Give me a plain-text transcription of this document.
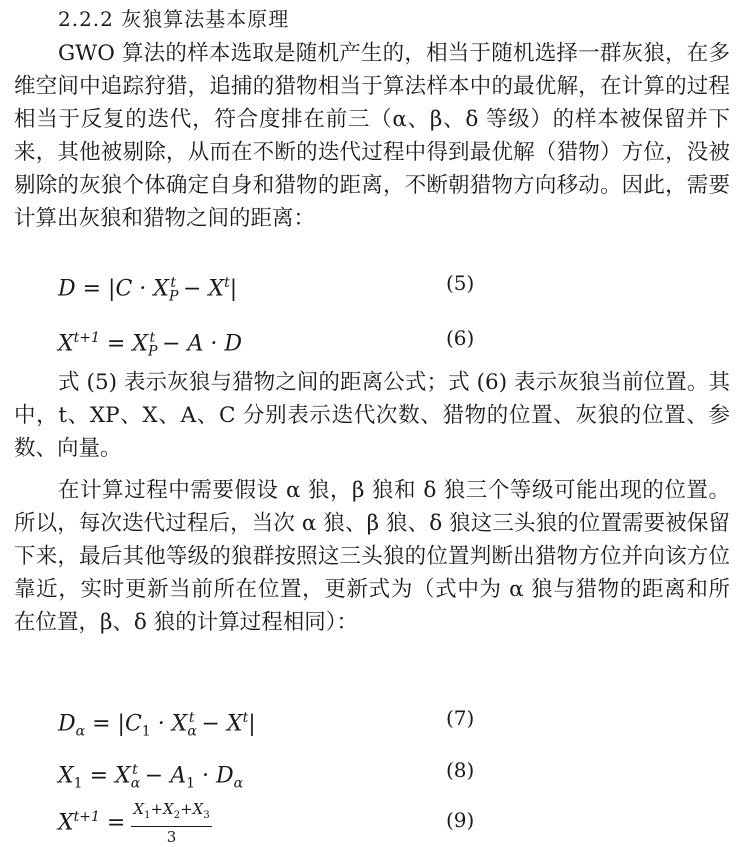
2.2.2 灰狼算法基本原理

GWO 算法的样本选取是随机产生的，相当于随机选择一群灰狼，在多维空间中追踪狩猎，追捕的猎物相当于算法样本中的最优解，在计算的过程相当于反复的迭代，符合度排在前三（α、β、δ 等级）的样本被保留并下来，其他被剔除，从而在不断的迭代过程中得到最优解（猎物）方位，没被剔除的灰狼个体确定自身和猎物的距离，不断朝猎物方向移动。因此，需要计算出灰狼和猎物之间的距离：

$D = |C \cdot X_P^t - X^t|$	(5)
$X^{t+1} = X_P^t - A \cdot D$	(6)

式 (5) 表示灰狼与猎物之间的距离公式；式 (6) 表示灰狼当前位置。其中，t、XP、X、A、C 分别表示迭代次数、猎物的位置、灰狼的位置、参数、向量。

在计算过程中需要假设 α 狼，β 狼和 δ 狼三个等级可能出现的位置。所以，每次迭代过程后，当次 α 狼、β 狼、δ 狼这三头狼的位置需要被保留下来，最后其他等级的狼群按照这三头狼的位置判断出猎物方位并向该方位靠近，实时更新当前所在位置，更新式为（式中为 α 狼与猎物的距离和所在位置，β、δ 狼的计算过程相同）：

$D_\alpha = |C_1 \cdot X_\alpha^t - X^t|$	(7)
$X_1 = X_\alpha^t - A_1 \cdot D_\alpha$
(8)
$X^{t+1} = \frac{X_1+X_2+X_3}{3}$	(9)
